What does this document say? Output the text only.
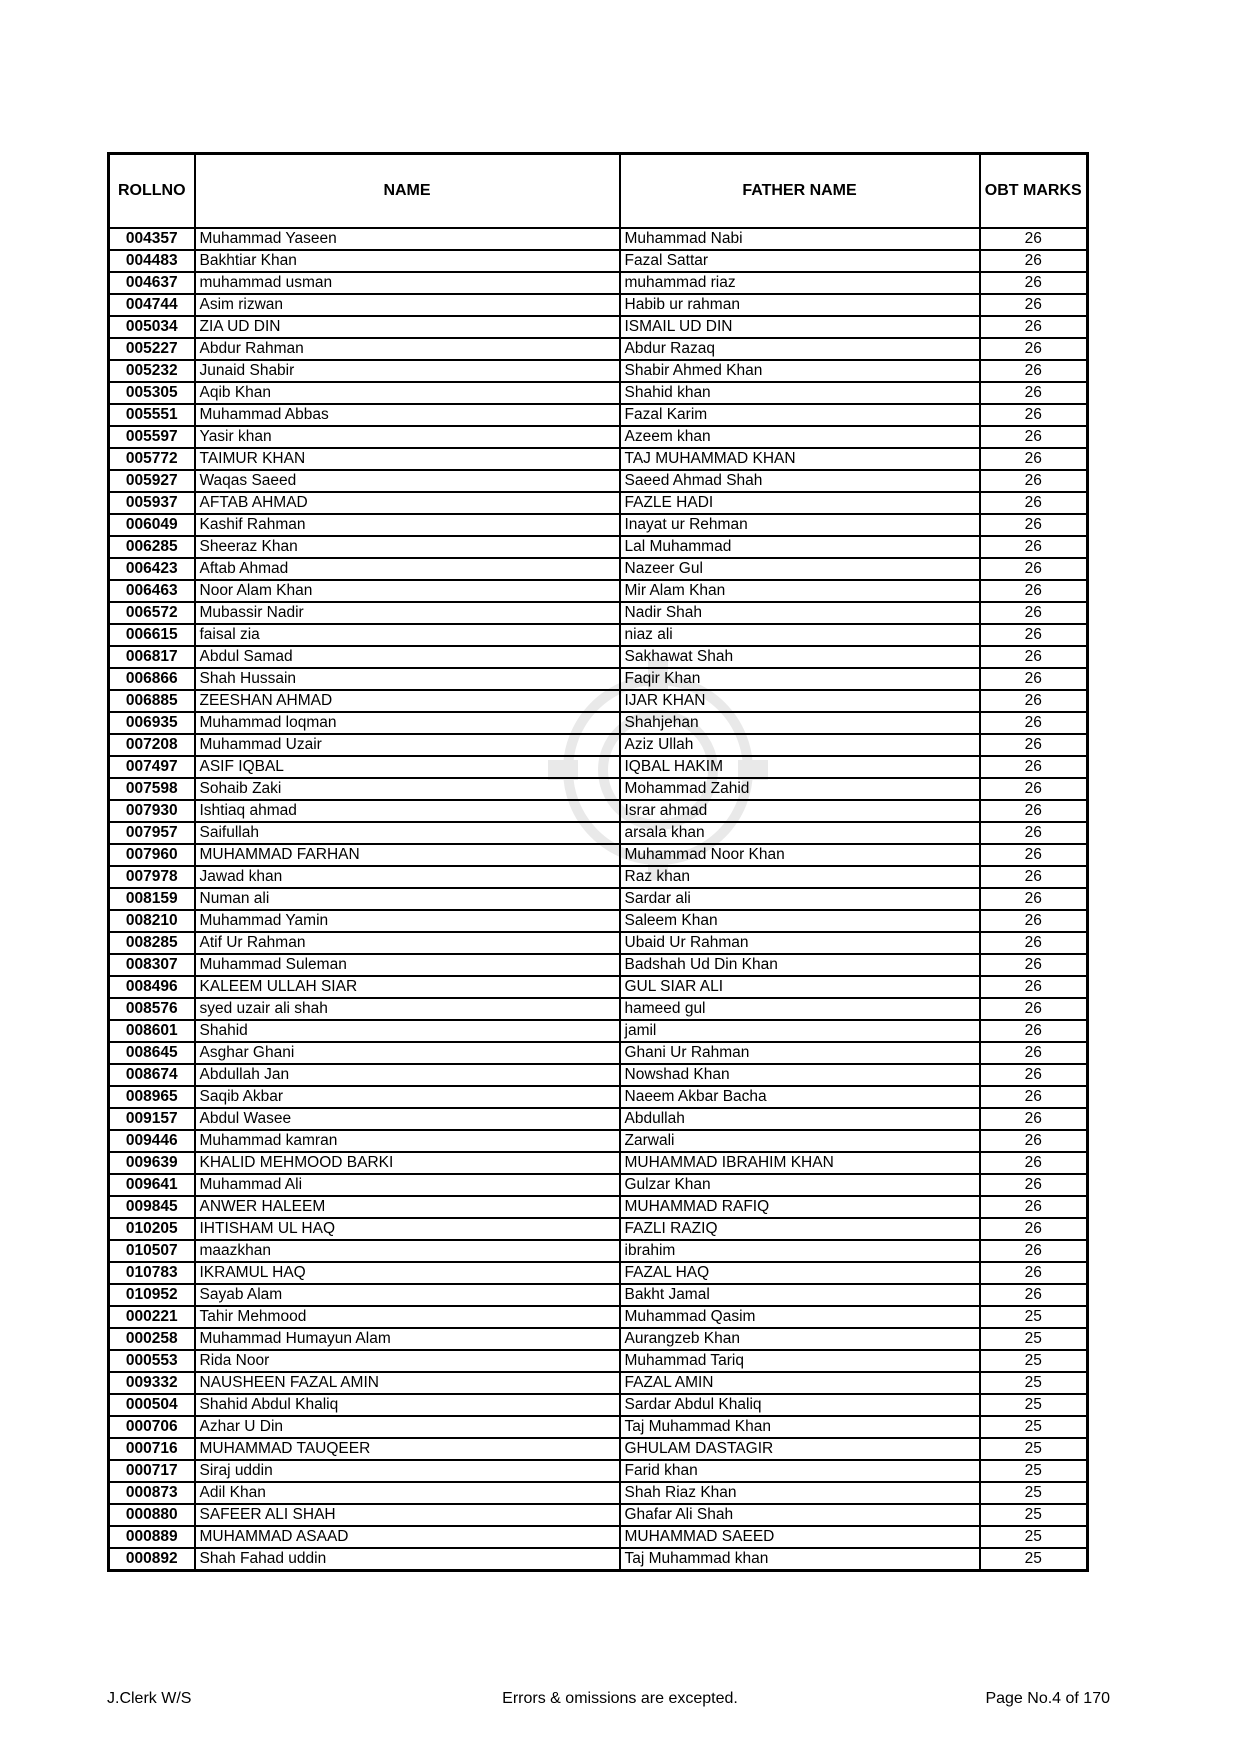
ROLLNO	NAME	FATHER NAME	OBT MARKS
004357	Muhammad Yaseen	Muhammad Nabi	26
004483	Bakhtiar Khan	Fazal Sattar	26
004637	muhammad usman	muhammad riaz	26
004744	Asim rizwan	Habib ur rahman	26
005034	ZIA UD DIN	ISMAIL UD DIN	26
005227	Abdur Rahman	Abdur Razaq	26
005232	Junaid Shabir	Shabir Ahmed Khan	26
005305	Aqib Khan	Shahid khan	26
005551	Muhammad Abbas	Fazal Karim	26
005597	Yasir khan	Azeem khan	26
005772	TAIMUR KHAN	TAJ MUHAMMAD KHAN	26
005927	Waqas Saeed	Saeed Ahmad Shah	26
005937	AFTAB AHMAD	FAZLE HADI	26
006049	Kashif Rahman	Inayat ur Rehman	26
006285	Sheeraz Khan	Lal Muhammad	26
006423	Aftab Ahmad	Nazeer Gul	26
006463	Noor Alam Khan	Mir Alam Khan	26
006572	Mubassir Nadir	Nadir Shah	26
006615	faisal zia	niaz ali	26
006817	Abdul Samad	Sakhawat Shah	26
006866	Shah Hussain	Faqir Khan	26
006885	ZEESHAN AHMAD	IJAR KHAN	26
006935	Muhammad loqman	Shahjehan	26
007208	Muhammad Uzair	Aziz Ullah	26
007497	ASIF IQBAL	IQBAL HAKIM	26
007598	Sohaib Zaki	Mohammad Zahid	26
007930	Ishtiaq ahmad	Israr ahmad	26
007957	Saifullah	arsala khan	26
007960	MUHAMMAD FARHAN	Muhammad Noor Khan	26
007978	Jawad khan	Raz khan	26
008159	Numan ali	Sardar ali	26
008210	Muhammad Yamin	Saleem Khan	26
008285	Atif Ur Rahman	Ubaid Ur Rahman	26
008307	Muhammad Suleman	Badshah Ud Din Khan	26
008496	KALEEM ULLAH SIAR	GUL SIAR ALI	26
008576	syed uzair ali shah	hameed gul	26
008601	Shahid	jamil	26
008645	Asghar Ghani	Ghani Ur Rahman	26
008674	Abdullah Jan	Nowshad Khan	26
008965	Saqib Akbar	Naeem Akbar Bacha	26
009157	Abdul Wasee	Abdullah	26
009446	Muhammad kamran	Zarwali	26
009639	KHALID MEHMOOD BARKI	MUHAMMAD IBRAHIM KHAN	26
009641	Muhammad Ali	Gulzar Khan	26
009845	ANWER HALEEM	MUHAMMAD RAFIQ	26
010205	IHTISHAM UL HAQ	FAZLI RAZIQ	26
010507	maazkhan	ibrahim	26
010783	IKRAMUL HAQ	FAZAL HAQ	26
010952	Sayab Alam	Bakht Jamal	26
000221	Tahir Mehmood	Muhammad Qasim	25
000258	Muhammad Humayun Alam	Aurangzeb Khan	25
000553	Rida Noor	Muhammad Tariq	25
009332	NAUSHEEN FAZAL AMIN	FAZAL AMIN	25
000504	Shahid Abdul Khaliq	Sardar Abdul Khaliq	25
000706	Azhar U Din	Taj Muhammad Khan	25
000716	MUHAMMAD TAUQEER	GHULAM DASTAGIR	25
000717	Siraj uddin	Farid khan	25
000873	Adil Khan	Shah Riaz Khan	25
000880	SAFEER ALI SHAH	Ghafar Ali Shah	25
000889	MUHAMMAD ASAAD	MUHAMMAD SAEED	25
000892	Shah Fahad uddin	Taj Muhammad khan	25
J.Clerk W/S	Errors & omissions are excepted.	Page No.4 of 170
